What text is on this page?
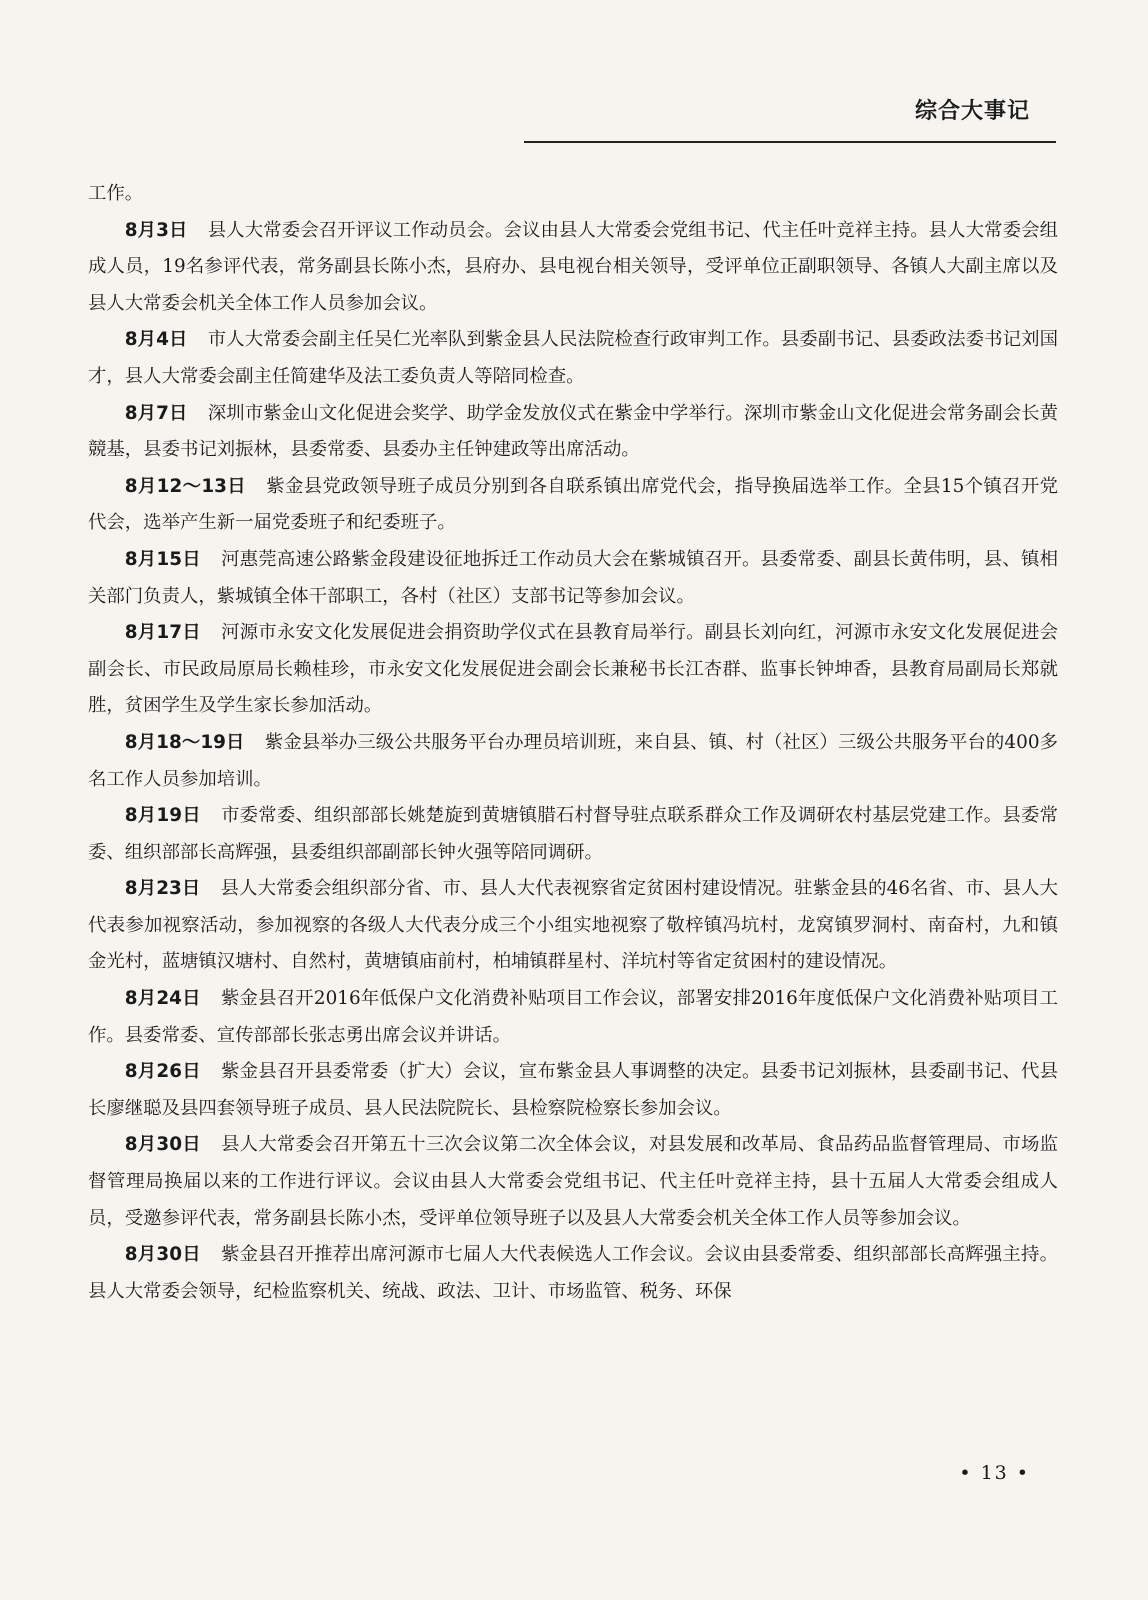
综合大事记

工作。

8月3日 县人大常委会召开评议工作动员会。会议由县人大常委会党组书记、代主任叶竞祥主持。县人大常委会组成人员，19名参评代表，常务副县长陈小杰，县府办、县电视台相关领导，受评单位正副职领导、各镇人大副主席以及县人大常委会机关全体工作人员参加会议。

8月4日 市人大常委会副主任吴仁光率队到紫金县人民法院检查行政审判工作。县委副书记、县委政法委书记刘国才，县人大常委会副主任简建华及法工委负责人等陪同检查。

8月7日 深圳市紫金山文化促进会奖学、助学金发放仪式在紫金中学举行。深圳市紫金山文化促进会常务副会长黄競基，县委书记刘振林，县委常委、县委办主任钟建政等出席活动。

8月12～13日 紫金县党政领导班子成员分别到各自联系镇出席党代会，指导换届选举工作。全县15个镇召开党代会，选举产生新一届党委班子和纪委班子。

8月15日 河惠莞高速公路紫金段建设征地拆迁工作动员大会在紫城镇召开。县委常委、副县长黄伟明，县、镇相关部门负责人，紫城镇全体干部职工，各村（社区）支部书记等参加会议。

8月17日 河源市永安文化发展促进会捐资助学仪式在县教育局举行。副县长刘向红，河源市永安文化发展促进会副会长、市民政局原局长赖桂珍，市永安文化发展促进会副会长兼秘书长江杏群、监事长钟坤香，县教育局副局长郑就胜，贫困学生及学生家长参加活动。

8月18～19日 紫金县举办三级公共服务平台办理员培训班，来自县、镇、村（社区）三级公共服务平台的400多名工作人员参加培训。

8月19日 市委常委、组织部部长姚楚旋到黄塘镇腊石村督导驻点联系群众工作及调研农村基层党建工作。县委常委、组织部部长高辉强，县委组织部副部长钟火强等陪同调研。

8月23日 县人大常委会组织部分省、市、县人大代表视察省定贫困村建设情况。驻紫金县的46名省、市、县人大代表参加视察活动，参加视察的各级人大代表分成三个小组实地视察了敬梓镇冯坑村，龙窝镇罗洞村、南奋村，九和镇金光村，蓝塘镇汉塘村、自然村，黄塘镇庙前村，柏埔镇群星村、洋坑村等省定贫困村的建设情况。

8月24日 紫金县召开2016年低保户文化消费补贴项目工作会议，部署安排2016年度低保户文化消费补贴项目工作。县委常委、宣传部部长张志勇出席会议并讲话。

8月26日 紫金县召开县委常委（扩大）会议，宣布紫金县人事调整的决定。县委书记刘振林，县委副书记、代县长廖继聪及县四套领导班子成员、县人民法院院长、县检察院检察长参加会议。

8月30日 县人大常委会召开第五十三次会议第二次全体会议，对县发展和改革局、食品药品监督管理局、市场监督管理局换届以来的工作进行评议。会议由县人大常委会党组书记、代主任叶竞祥主持，县十五届人大常委会组成人员，受邀参评代表，常务副县长陈小杰，受评单位领导班子以及县人大常委会机关全体工作人员等参加会议。

8月30日 紫金县召开推荐出席河源市七届人大代表候选人工作会议。会议由县委常委、组织部部长高辉强主持。县人大常委会领导，纪检监察机关、统战、政法、卫计、市场监管、税务、环保

• 13 •
